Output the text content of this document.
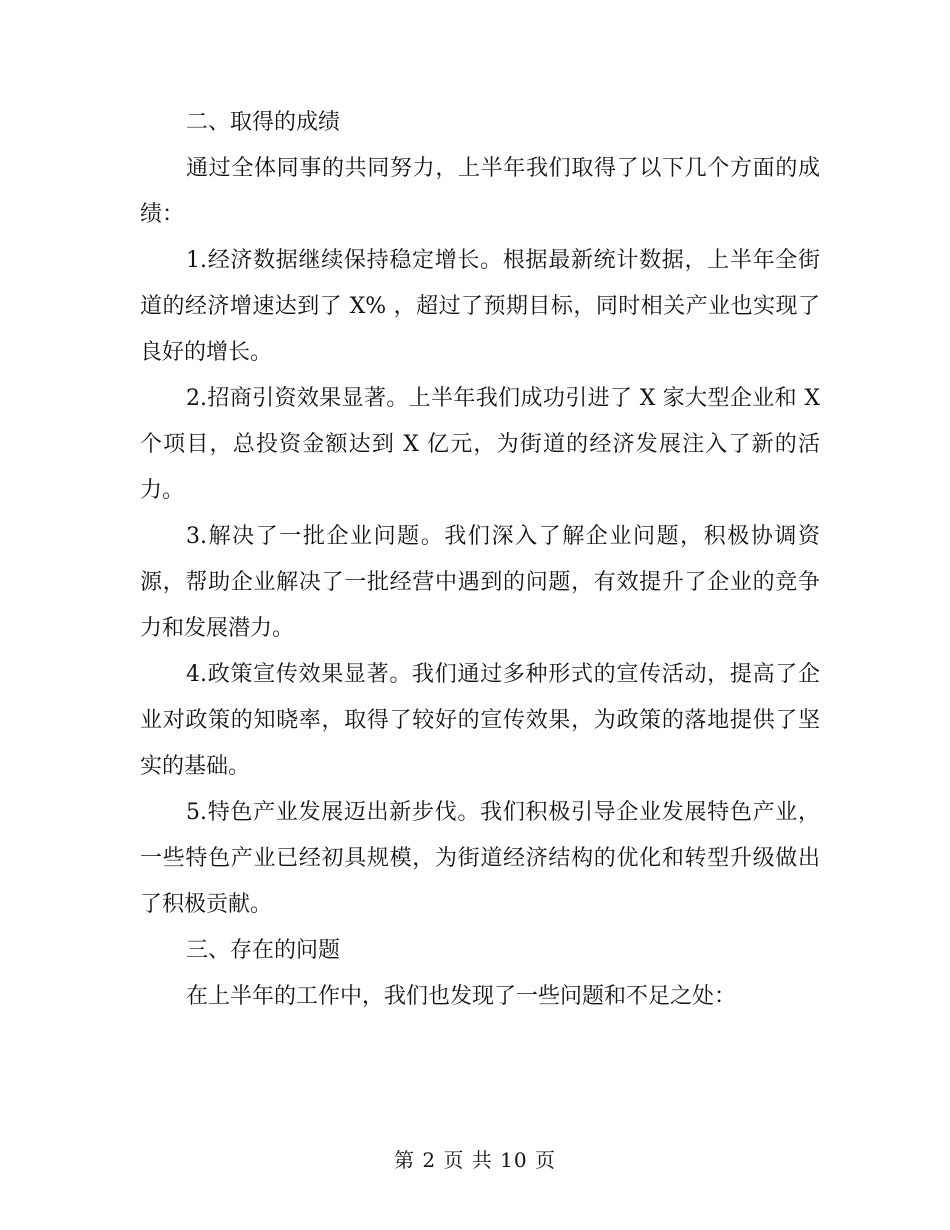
二、取得的成绩

通过全体同事的共同努力，上半年我们取得了以下几个方面的成绩：

1.经济数据继续保持稳定增长。根据最新统计数据，上半年全街道的经济增速达到了 X% ，超过了预期目标，同时相关产业也实现了良好的增长。

2.招商引资效果显著。上半年我们成功引进了 X 家大型企业和 X 个项目，总投资金额达到 X 亿元，为街道的经济发展注入了新的活力。

3.解决了一批企业问题。我们深入了解企业问题，积极协调资源，帮助企业解决了一批经营中遇到的问题，有效提升了企业的竞争力和发展潜力。

4.政策宣传效果显著。我们通过多种形式的宣传活动，提高了企业对政策的知晓率，取得了较好的宣传效果，为政策的落地提供了坚实的基础。

5.特色产业发展迈出新步伐。我们积极引导企业发展特色产业，一些特色产业已经初具规模，为街道经济结构的优化和转型升级做出了积极贡献。

三、存在的问题

在上半年的工作中，我们也发现了一些问题和不足之处：

第 2 页 共 10 页
